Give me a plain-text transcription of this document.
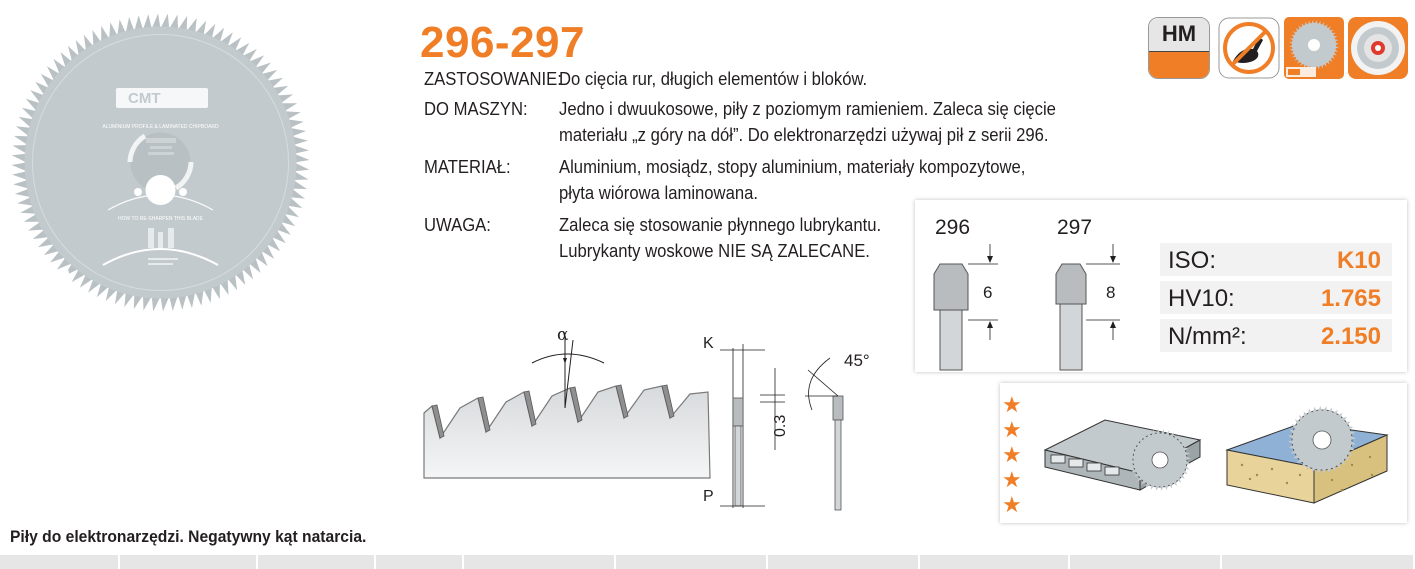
CMT
ALUMINIUM PROFILE & LAMINATED CHIPBOARD
HOW TO RE-SHARPEN THIS BLADE
296-297
ZASTOSOWANIE:
Do cięcia rur, długich elementów i bloków.
DO MASZYN: Jedno i dwuukosowe, piły z poziomym ramieniem. Zaleca się cięcie
materiału „z góry na dół”. Do elektronarzędzi używaj pił z serii 296.
MATERIAŁ:	Aluminium, mosiądz, stopy aluminium, materiały kompozytowe,
płyta wiórowa laminowana.
UWAGA:	Zaleca się stosowanie płynnego lubrykantu.
Lubrykanty woskowe NIE SĄ ZALECANE.
HM
α	K
P
0.3
45°
296	297
6	8
ISO:	K10
HV10:	1.765
N/mm²:	2.150
★
★
★
★
★
Piły do elektronarzędzi. Negatywny kąt natarcia.
